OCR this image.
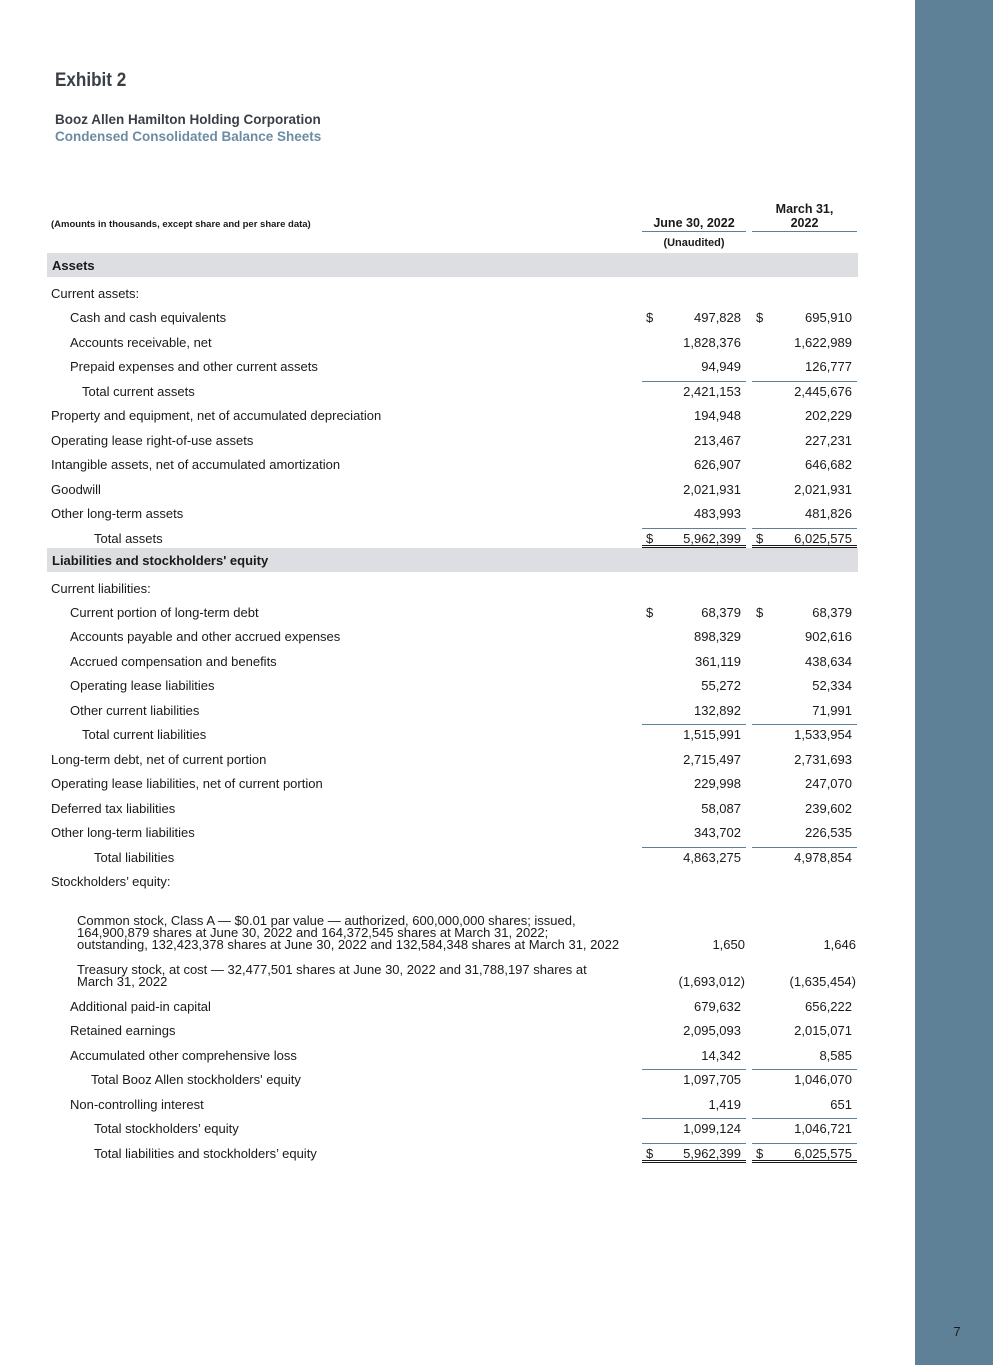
7
Exhibit 2
Booz Allen Hamilton Holding Corporation
Condensed Consolidated Balance Sheets
(Amounts in thousands, except share and per share data)	June 30, 2022
March 31,
2022
(Unaudited)
Assets
Liabilities and stockholders' equity
Current assets:
Cash and cash equivalents	$	497,828 $	695,910
Accounts receivable, net	1,828,376	1,622,989
Prepaid expenses and other current assets	94,949	126,777
Total current assets	2,421,153	2,445,676
Property and equipment, net of accumulated depreciation	194,948	202,229
Operating lease right-of-use assets	213,467	227,231
Intangible assets, net of accumulated amortization	626,907	646,682
Goodwill	2,021,931	2,021,931
Other long-term assets	483,993	481,826
Total assets	$ 5,962,399 $ 6,025,575
Current liabilities:
Current portion of long-term debt	$	68,379 $	68,379
Accounts payable and other accrued expenses	898,329	902,616
Accrued compensation and benefits	361,119	438,634
Operating lease liabilities	55,272	52,334
Other current liabilities	132,892	71,991
Total current liabilities	1,515,991	1,533,954
Long-term debt, net of current portion	2,715,497	2,731,693
Operating lease liabilities, net of current portion	229,998	247,070
Deferred tax liabilities	58,087	239,602
Other long-term liabilities	343,702	226,535
Total liabilities	4,863,275	4,978,854
Stockholders’ equity:
Common stock, Class A — $0.01 par value — authorized, 600,000,000 shares; issued, 164,900,879 shares at June 30, 2022 and 164,372,545 shares at March 31, 2022; outstanding, 132,423,378 shares at June 30, 2022 and 132,584,348 shares at March 31, 2022	1,650	1,646
Treasury stock, at cost — 32,477,501 shares at June 30, 2022 and 31,788,197 shares at March 31, 2022	(1,693,012)	(1,635,454)
Additional paid-in capital	679,632	656,222
Retained earnings	2,095,093	2,015,071
Accumulated other comprehensive loss	14,342	8,585
Total Booz Allen stockholders' equity	1,097,705	1,046,070
Non-controlling interest	1,419	651
Total stockholders’ equity	1,099,124	1,046,721
Total liabilities and stockholders’ equity	$ 5,962,399 $ 6,025,575
